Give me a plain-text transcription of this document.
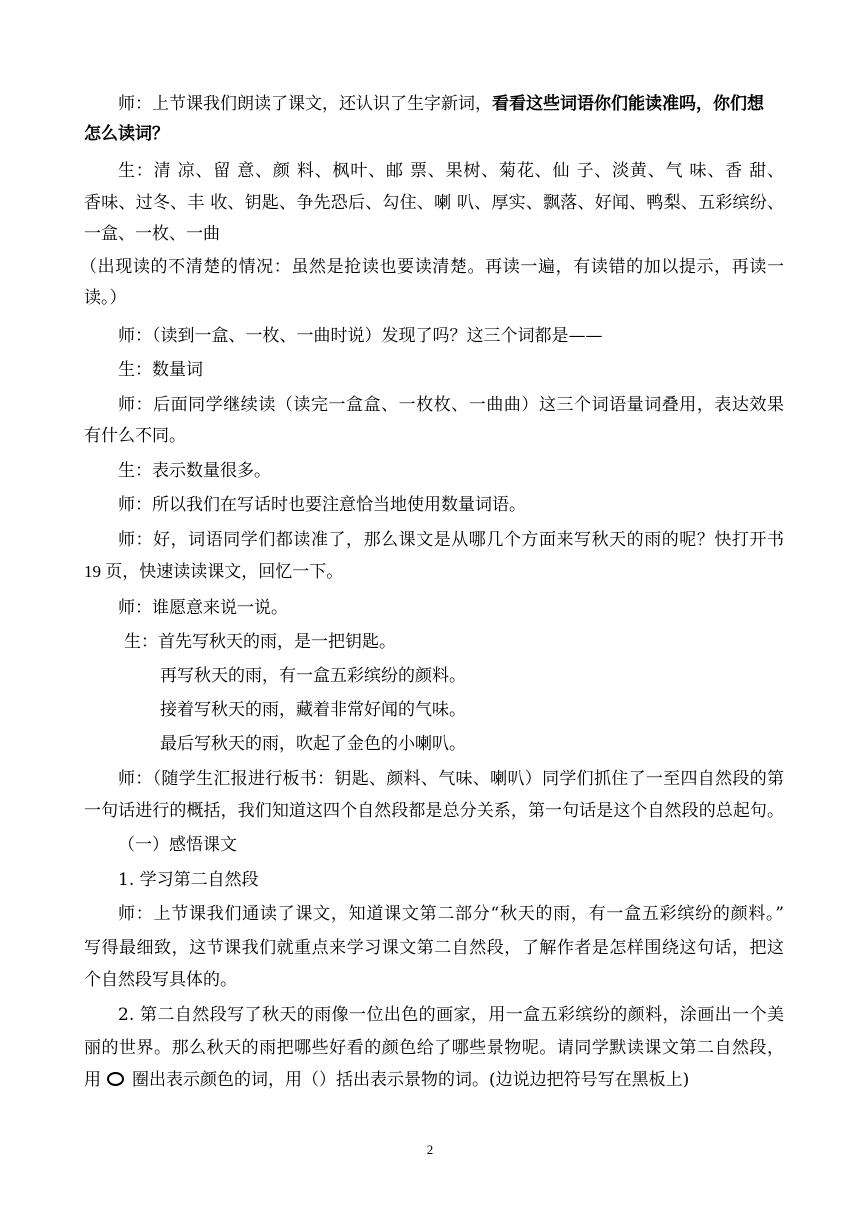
师：上节课我们朗读了课文，还认识了生字新词，看看这些词语你们能读准吗，你们想
怎么读词？
生：清 凉、留 意、颜 料、枫叶、邮 票、果树、菊花、仙 子、淡黄、气 味、香 甜、
香味、过冬、丰 收、钥匙、争先恐后、勾住、喇 叭、厚实、飘落、好闻、鸭梨、五彩缤纷、
一盒、一枚、一曲
（出现读的不清楚的情况：虽然是抢读也要读清楚。再读一遍，有读错的加以提示，再读一
读。）
师：（读到一盒、一枚、一曲时说）发现了吗？这三个词都是——
生：数量词
师：后面同学继续读（读完一盒盒、一枚枚、一曲曲）这三个词语量词叠用，表达效果
有什么不同。
生：表示数量很多。
师：所以我们在写话时也要注意恰当地使用数量词语。
师：好，词语同学们都读准了，那么课文是从哪几个方面来写秋天的雨的呢？快打开书
19 页，快速读读课文，回忆一下。
师：谁愿意来说一说。
生：首先写秋天的雨，是一把钥匙。
再写秋天的雨，有一盒五彩缤纷的颜料。
接着写秋天的雨，藏着非常好闻的气味。
最后写秋天的雨，吹起了金色的小喇叭。
师：（随学生汇报进行板书：钥匙、颜料、气味、喇叭）同学们抓住了一至四自然段的第
一句话进行的概括，我们知道这四个自然段都是总分关系，第一句话是这个自然段的总起句。
（一）感悟课文
1. 学习第二自然段
师：上节课我们通读了课文，知道课文第二部分“秋天的雨，有一盒五彩缤纷的颜料。”
写得最细致，这节课我们就重点来学习课文第二自然段，了解作者是怎样围绕这句话，把这
个自然段写具体的。
2. 第二自然段写了秋天的雨像一位出色的画家，用一盒五彩缤纷的颜料，涂画出一个美
丽的世界。那么秋天的雨把哪些好看的颜色给了哪些景物呢。请同学默读课文第二自然段，
用 圈出表示颜色的词，用（）括出表示景物的词。(边说边把符号写在黑板上)
2
